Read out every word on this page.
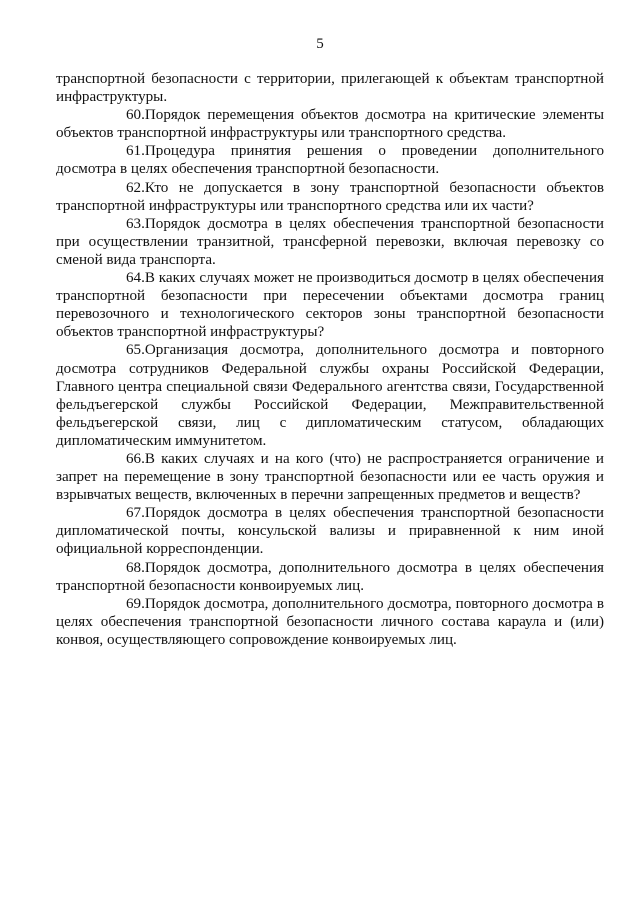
5

транспортной безопасности с территории, прилегающей к объектам транспортной инфраструктуры.

60.Порядок перемещения объектов досмотра на критические элементы объектов транспортной инфраструктуры или транспортного средства.

61.Процедура принятия решения о проведении дополнительного досмотра в целях обеспечения транспортной безопасности.

62.Кто не допускается в зону транспортной безопасности объектов транспортной инфраструктуры или транспортного средства или их части?

63.Порядок досмотра в целях обеспечения транспортной безопасности при осуществлении транзитной, трансферной перевозки, включая перевозку со сменой вида транспорта.

64.В каких случаях может не производиться досмотр в целях обеспечения транспортной безопасности при пересечении объектами досмотра границ перевозочного и технологического секторов зоны транспортной безопасности объектов транспортной инфраструктуры?

65.Организация досмотра, дополнительного досмотра и повторного досмотра сотрудников Федеральной службы охраны Российской Федерации, Главного центра специальной связи Федерального агентства связи, Государственной фельдъегерской службы Российской Федерации, Межправительственной фельдъегерской связи, лиц с дипломатическим статусом, обладающих дипломатическим иммунитетом.

66.В каких случаях и на кого (что) не распространяется ограничение и запрет на перемещение в зону транспортной безопасности или ее часть оружия и взрывчатых веществ, включенных в перечни запрещенных предметов и веществ?

67.Порядок досмотра в целях обеспечения транспортной безопасности дипломатической почты, консульской вализы и приравненной к ним иной официальной корреспонденции.

68.Порядок досмотра, дополнительного досмотра в целях обеспечения транспортной безопасности конвоируемых лиц.

69.Порядок досмотра, дополнительного досмотра, повторного досмотра в целях обеспечения транспортной безопасности личного состава караула и (или) конвоя, осуществляющего сопровождение конвоируемых лиц.
